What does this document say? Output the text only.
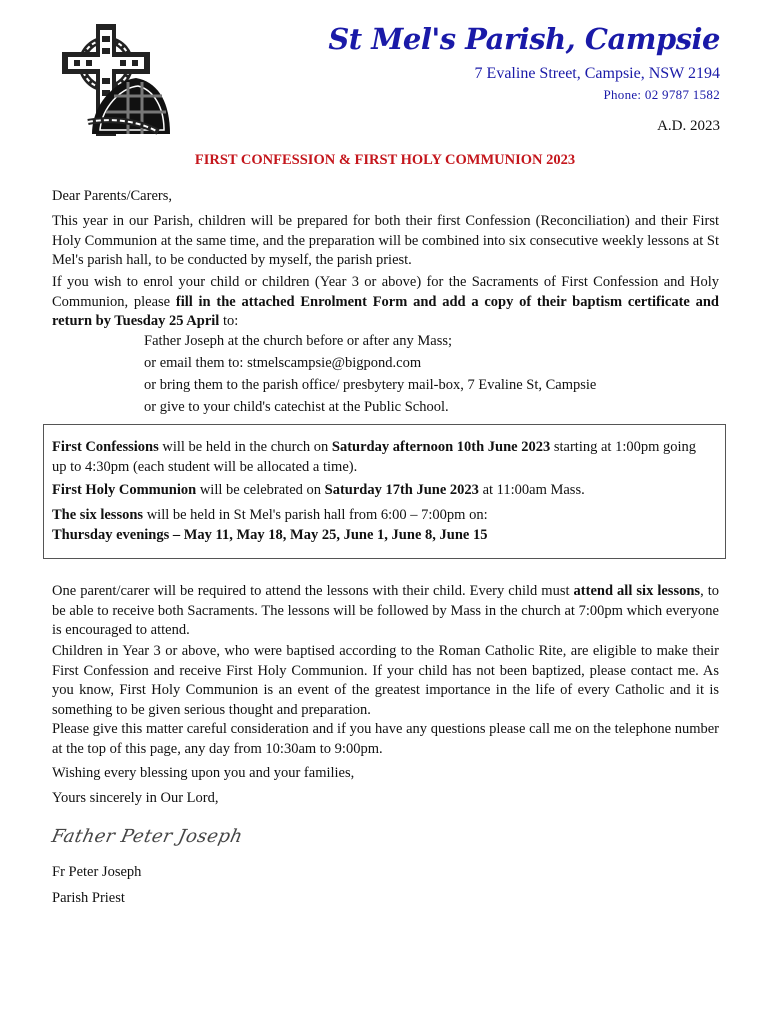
St Mel's Parish, Campsie
7 Evaline Street, Campsie, NSW 2194
Phone: 02 9787 1582
A.D. 2023
FIRST CONFESSION & FIRST HOLY COMMUNION 2023
Dear Parents/Carers,
This year in our Parish, children will be prepared for both their first Confession (Reconciliation) and their First Holy Communion at the same time, and the preparation will be combined into six consecutive weekly lessons at St Mel's parish hall, to be conducted by myself, the parish priest.
If you wish to enrol your child or children (Year 3 or above) for the Sacraments of First Confession and Holy Communion, please fill in the attached Enrolment Form and add a copy of their baptism certificate and return by Tuesday 25 April to:
Father Joseph at the church before or after any Mass;
or email them to: stmelscampsie@bigpond.com
or bring them to the parish office/ presbytery mail-box, 7 Evaline St, Campsie
or give to your child's catechist at the Public School.
First Confessions will be held in the church on Saturday afternoon 10th June 2023 starting at 1:00pm going up to 4:30pm (each student will be allocated a time).
First Holy Communion will be celebrated on Saturday 17th June 2023 at 11:00am Mass.
The six lessons will be held in St Mel's parish hall from 6:00 – 7:00pm on:
Thursday evenings – May 11, May 18, May 25, June 1, June 8, June 15
One parent/carer will be required to attend the lessons with their child. Every child must attend all six lessons, to be able to receive both Sacraments. The lessons will be followed by Mass in the church at 7:00pm which everyone is encouraged to attend.
Children in Year 3 or above, who were baptised according to the Roman Catholic Rite, are eligible to make their First Confession and receive First Holy Communion. If your child has not been baptized, please contact me. As you know, First Holy Communion is an event of the greatest importance in the life of every Catholic and it is something to be given serious thought and preparation.
Please give this matter careful consideration and if you have any questions please call me on the telephone number at the top of this page, any day from 10:30am to 9:00pm.
Wishing every blessing upon you and your families,
Yours sincerely in Our Lord,
Father Peter Joseph
Fr Peter Joseph
Parish Priest
